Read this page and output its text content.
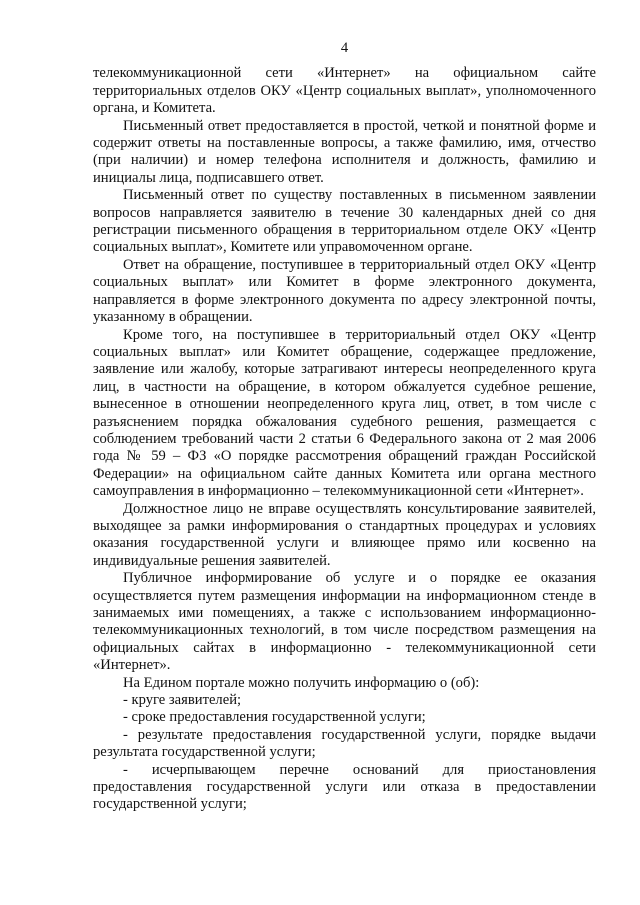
4

телекоммуникационной сети «Интернет» на официальном сайте территориальных отделов ОКУ «Центр социальных выплат», уполномоченного органа, и Комитета.

Письменный ответ предоставляется в простой, четкой и понятной форме и содержит ответы на поставленные вопросы, а также фамилию, имя, отчество (при наличии) и номер телефона исполнителя и должность, фамилию и инициалы лица, подписавшего ответ.

Письменный ответ по существу поставленных в письменном заявлении вопросов направляется заявителю в течение 30 календарных дней со дня регистрации письменного обращения в территориальном отделе ОКУ «Центр социальных выплат», Комитете или управомоченном органе.

Ответ на обращение, поступившее в территориальный отдел ОКУ «Центр социальных выплат» или Комитет в форме электронного документа, направляется в форме электронного документа по адресу электронной почты, указанному в обращении.

Кроме того, на поступившее в территориальный отдел ОКУ «Центр социальных выплат» или Комитет обращение, содержащее предложение, заявление или жалобу, которые затрагивают интересы неопределенного круга лиц, в частности на обращение, в котором обжалуется судебное решение, вынесенное в отношении неопределенного круга лиц, ответ, в том числе с разъяснением порядка обжалования судебного решения, размещается с соблюдением требований части 2 статьи 6 Федерального закона от 2 мая 2006 года № 59 – ФЗ «О порядке рассмотрения обращений граждан Российской Федерации» на официальном сайте данных Комитета или органа местного самоуправления в информационно – телекоммуникационной сети «Интернет».

Должностное лицо не вправе осуществлять консультирование заявителей, выходящее за рамки информирования о стандартных процедурах и условиях оказания государственной услуги и влияющее прямо или косвенно на индивидуальные решения заявителей.

Публичное информирование об услуге и о порядке ее оказания осуществляется путем размещения информации на информационном стенде в занимаемых ими помещениях, а также с использованием информационно-телекоммуникационных технологий, в том числе посредством размещения на официальных сайтах в информационно - телекоммуникационной сети «Интернет».

На Едином портале можно получить информацию о (об):

- круге заявителей;

- сроке предоставления государственной услуги;

- результате предоставления государственной услуги, порядке выдачи результата государственной услуги;

- исчерпывающем перечне оснований для приостановления предоставления государственной услуги или отказа в предоставлении государственной услуги;
